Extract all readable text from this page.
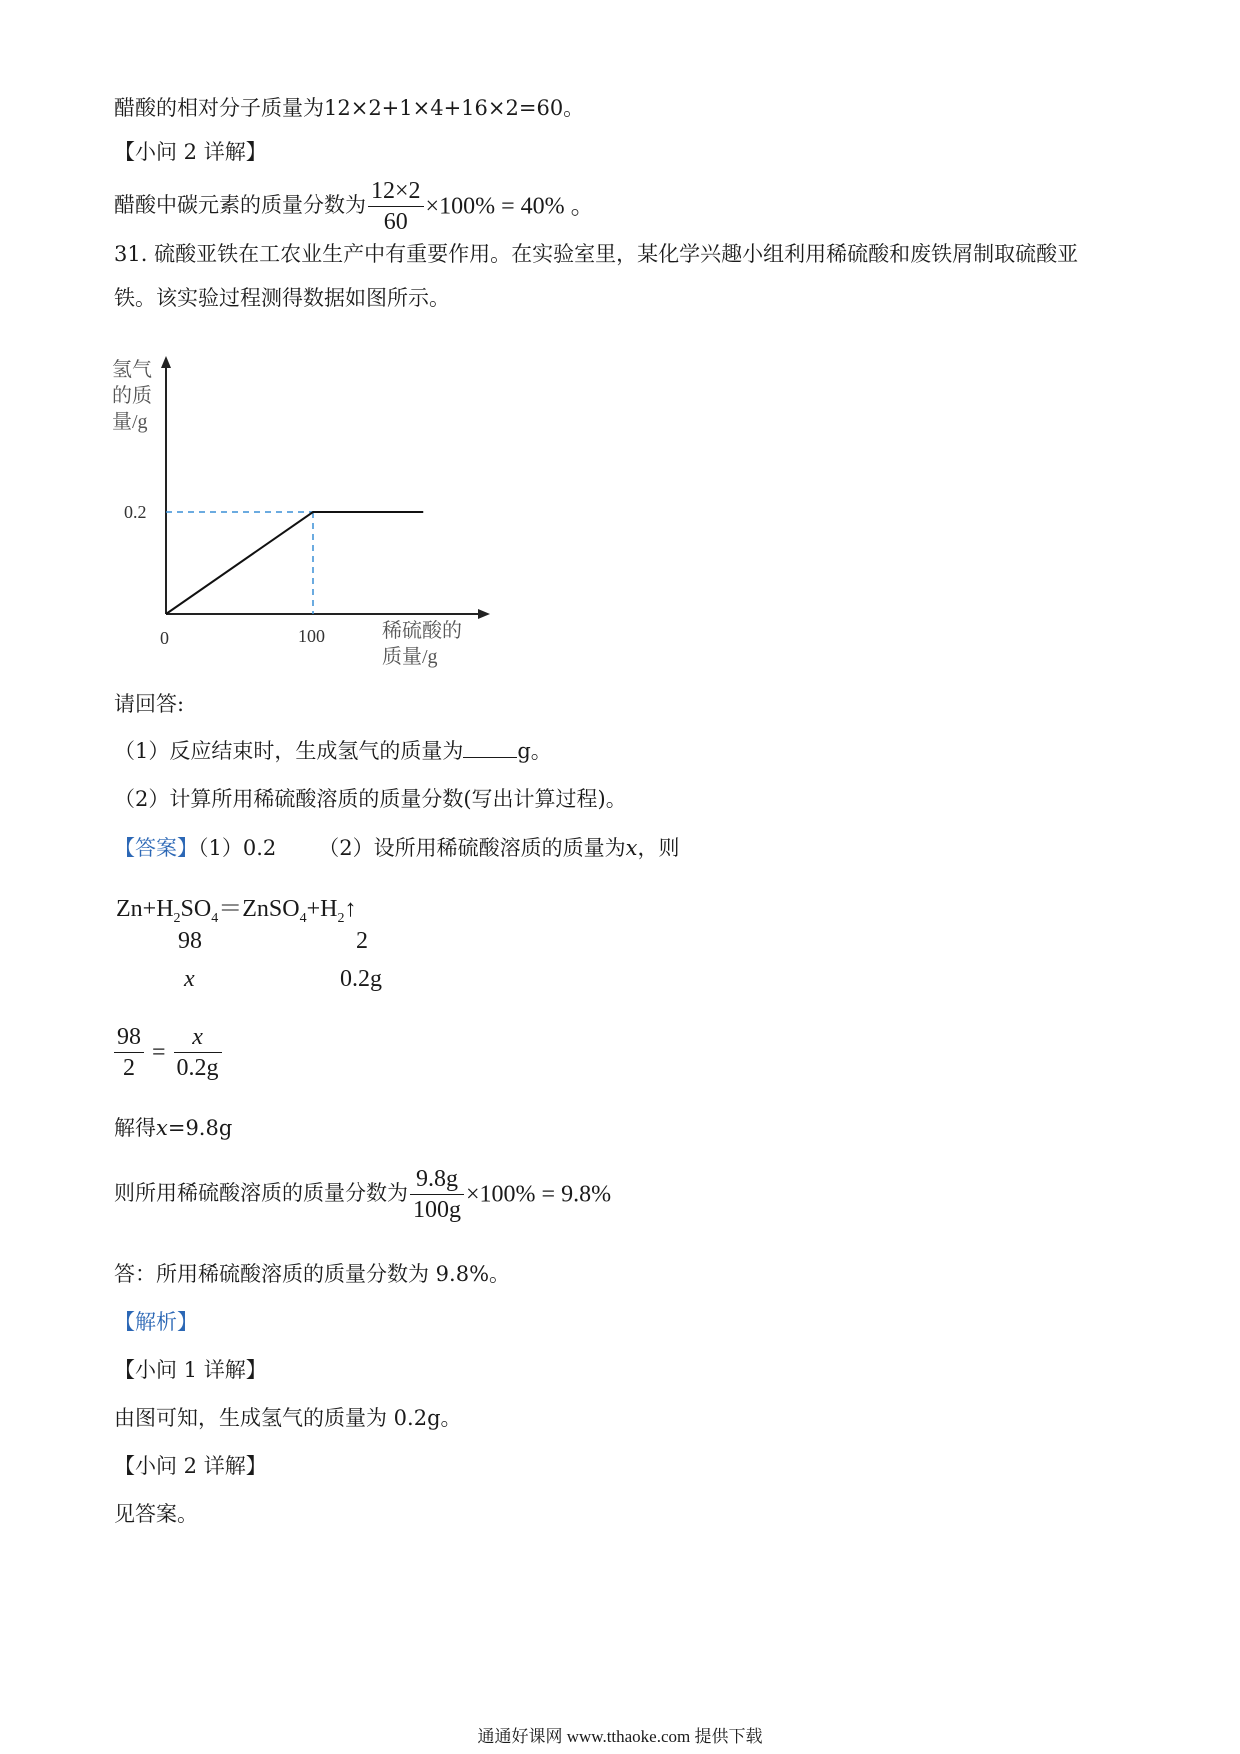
醋酸的相对分子质量为12×2+1×4+16×2=60。
【小问 2 详解】
醋酸中碳元素的质量分数为 $\frac{12\times 2}{60} \times 100\% = 40\%$ 。
31. 硫酸亚铁在工农业生产中有重要作用。在实验室里，某化学兴趣小组利用稀硫酸和废铁屑制取硫酸亚
铁。该实验过程测得数据如图所示。
氢气
的质
量/g
稀硫酸的
质量/g
0.2
100
0
请回答:
（1）反应结束时，生成氢气的质量为	g。
（2）计算所用稀硫酸溶质的质量分数(写出计算过程)。
【答案】（1）0.2 （2）设所用稀硫酸溶质的质量为x，则
$Zn+H_2SO_4=ZnSO_4+H_2↑$
98	2
x	0.2g
$\frac{98}{2} = \frac{x}{0.2g}$
解得x=9.8g
则所用稀硫酸溶质的质量分数为 $\frac{9.8g}{100g} \times 100\% = 9.8\%$
答：所用稀硫酸溶质的质量分数为 9.8%。
【解析】
【小问 1 详解】
由图可知，生成氢气的质量为 0.2g。
【小问 2 详解】
见答案。
通通好课网 www.tthaoke.com 提供下载
